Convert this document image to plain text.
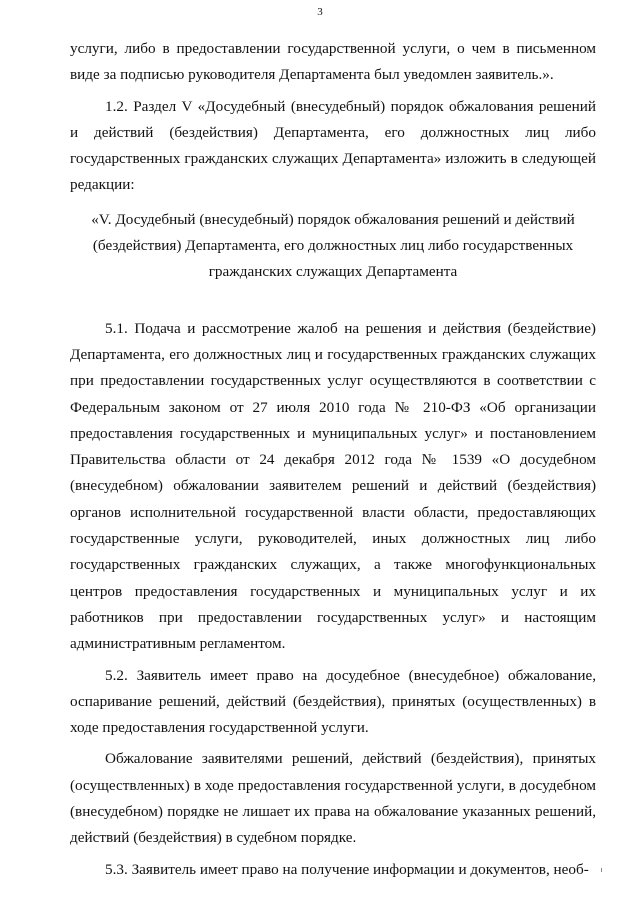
3

услуги, либо в предоставлении государственной услуги, о чем в письменном виде за подписью руководителя Департамента был уведомлен заявитель.».

1.2. Раздел V «Досудебный (внесудебный) порядок обжалования решений и действий (бездействия) Департамента, его должностных лиц либо государственных гражданских служащих Департамента» изложить в следующей редакции:

«V. Досудебный (внесудебный) порядок обжалования решений и действий (бездействия) Департамента, его должностных лиц либо государственных гражданских служащих Департамента

5.1. Подача и рассмотрение жалоб на решения и действия (бездействие) Департамента, его должностных лиц и государственных гражданских служащих при предоставлении государственных услуг осуществляются в соответствии с Федеральным законом от 27 июля 2010 года № 210-ФЗ «Об организации предоставления государственных и муниципальных услуг» и постановлением Правительства области от 24 декабря 2012 года № 1539 «О досудебном (внесудебном) обжаловании заявителем решений и действий (бездействия) органов исполнительной государственной власти области, предоставляющих государственные услуги, руководителей, иных должностных лиц либо государственных гражданских служащих, а также многофункциональных центров предоставления государственных и муниципальных услуг и их работников при предоставлении государственных услуг» и настоящим административным регламентом.

5.2. Заявитель имеет право на досудебное (внесудебное) обжалование, оспаривание решений, действий (бездействия), принятых (осуществленных) в ходе предоставления государственной услуги.

Обжалование заявителями решений, действий (бездействия), принятых (осуществленных) в ходе предоставления государственной услуги, в досудебном (внесудебном) порядке не лишает их права на обжалование указанных решений, действий (бездействия) в судебном порядке.

5.3. Заявитель имеет право на получение информации и документов, необ-
